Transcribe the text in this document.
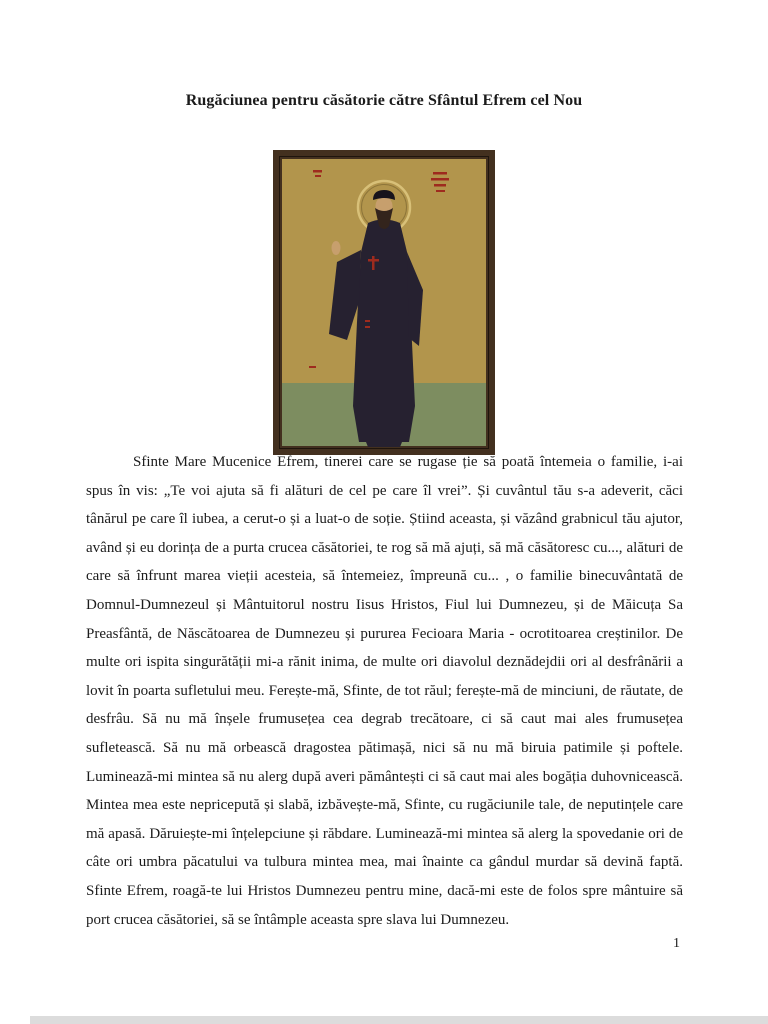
Rugăciunea pentru căsătorie către Sfântul Efrem cel Nou

Sfinte Mare Mucenice Efrem, tinerei care se rugase ție să poată întemeia o familie, i-ai spus în vis: „Te voi ajuta să fi alături de cel pe care îl vrei”. Și cuvântul tău s-a adeverit, căci tânărul pe care îl iubea, a cerut-o și a luat-o de soție. Știind aceasta, și văzând grabnicul tău ajutor, având și eu dorința de a purta crucea căsătoriei, te rog să mă ajuți, să mă căsătoresc cu..., alături de care să înfrunt marea vieții acesteia, să întemeiez, împreună cu... , o familie binecuvântată de Domnul-Dumnezeul și Mântuitorul nostru Iisus Hristos, Fiul lui Dumnezeu, și de Măicuța Sa Preasfântă, de Născătoarea de Dumnezeu și pururea Fecioara Maria - ocrotitoarea creștinilor. De multe ori ispita singurătății mi-a rănit inima, de multe ori diavolul deznădejdii ori al desfrânării a lovit în poarta sufletului meu. Ferește-mă, Sfinte, de tot răul; ferește-mă de minciuni, de răutate, de desfrâu. Să nu mă înșele frumusețea cea degrab trecătoare, ci să caut mai ales frumusețea sufletească. Să nu mă orbească dragostea pătimașă, nici să nu mă biruia patimile și poftele. Luminează-mi mintea să nu alerg după averi pământești ci să caut mai ales bogăția duhovnicească. Mintea mea este nepricepută și slabă, izbăvește-mă, Sfinte, cu rugăciunile tale, de neputințele care mă apasă. Dăruiește-mi înțelepciune și răbdare. Luminează-mi mintea să alerg la spovedanie ori de câte ori umbra păcatului va tulbura mintea mea, mai înainte ca gândul murdar să devină faptă. Sfinte Efrem, roagă-te lui Hristos Dumnezeu pentru mine, dacă-mi este de folos spre mântuire să port crucea căsătoriei, să se întâmple aceasta spre slava lui Dumnezeu.

1
